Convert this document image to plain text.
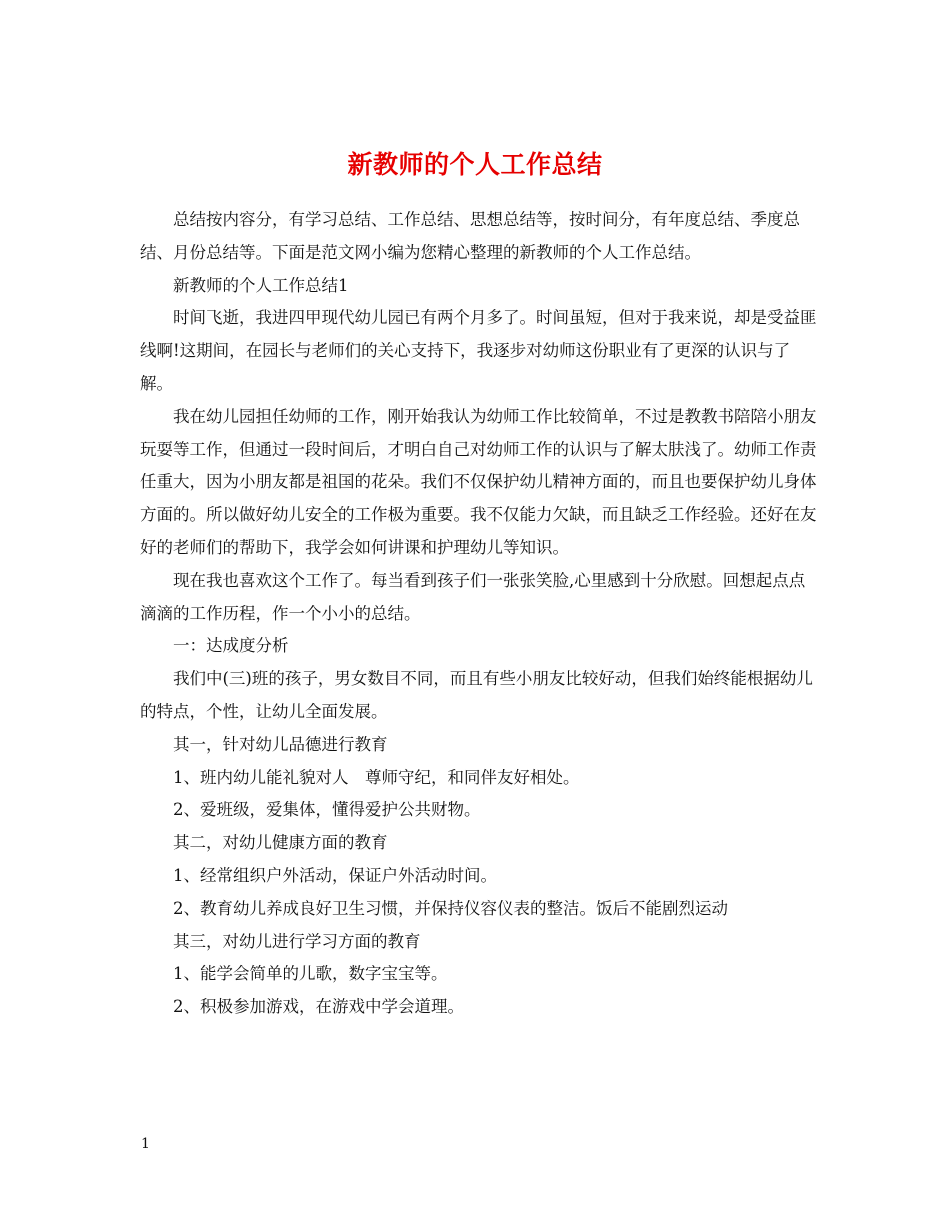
新教师的个人工作总结

总结按内容分，有学习总结、工作总结、思想总结等，按时间分，有年度总结、季度总结、月份总结等。下面是范文网小编为您精心整理的新教师的个人工作总结。

新教师的个人工作总结1

时间飞逝，我进四甲现代幼儿园已有两个月多了。时间虽短，但对于我来说，却是受益匪线啊!这期间，在园长与老师们的关心支持下，我逐步对幼师这份职业有了更深的认识与了解。

我在幼儿园担任幼师的工作，刚开始我认为幼师工作比较简单，不过是教教书陪陪小朋友玩耍等工作，但通过一段时间后，才明白自己对幼师工作的认识与了解太肤浅了。幼师工作责任重大，因为小朋友都是祖国的花朵。我们不仅保护幼儿精神方面的，而且也要保护幼儿身体方面的。所以做好幼儿安全的工作极为重要。我不仅能力欠缺，而且缺乏工作经验。还好在友好的老师们的帮助下，我学会如何讲课和护理幼儿等知识。

现在我也喜欢这个工作了。每当看到孩子们一张张笑脸,心里感到十分欣慰。回想起点点滴滴的工作历程，作一个小小的总结。

一：达成度分析

我们中(三)班的孩子，男女数目不同，而且有些小朋友比较好动，但我们始终能根据幼儿的特点，个性，让幼儿全面发展。

其一，针对幼儿品德进行教育

1、班内幼儿能礼貌对人　尊师守纪，和同伴友好相处。

2、爱班级，爱集体，懂得爱护公共财物。

其二，对幼儿健康方面的教育

1、经常组织户外活动，保证户外活动时间。

2、教育幼儿养成良好卫生习惯，并保持仪容仪表的整洁。饭后不能剧烈运动

其三，对幼儿进行学习方面的教育

1、能学会简单的儿歌，数字宝宝等。

2、积极参加游戏，在游戏中学会道理。

1
